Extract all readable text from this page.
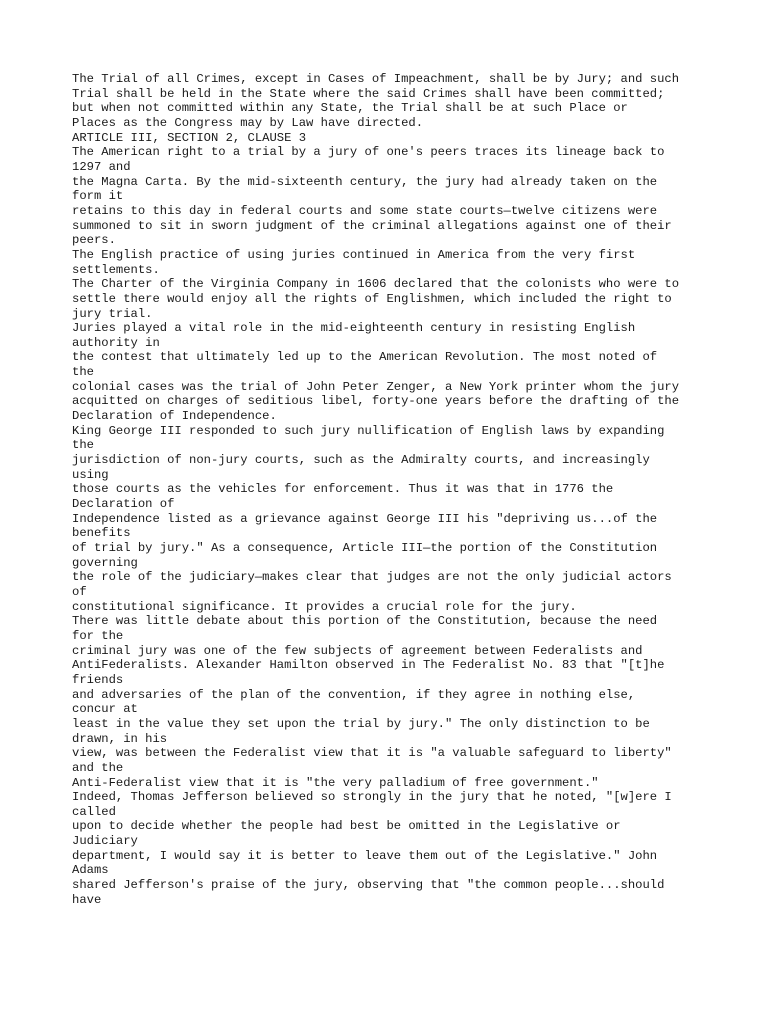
The Trial of all Crimes, except in Cases of Impeachment, shall be by Jury; and such
Trial shall be held in the State where the said Crimes shall have been committed;
but when not committed within any State, the Trial shall be at such Place or
Places as the Congress may by Law have directed.
ARTICLE III, SECTION 2, CLAUSE 3
The American right to a trial by a jury of one's peers traces its lineage back to
1297 and
the Magna Carta. By the mid-sixteenth century, the jury had already taken on the
form it
retains to this day in federal courts and some state courts—twelve citizens were
summoned to sit in sworn judgment of the criminal allegations against one of their
peers.
The English practice of using juries continued in America from the very first
settlements.
The Charter of the Virginia Company in 1606 declared that the colonists who were to
settle there would enjoy all the rights of Englishmen, which included the right to
jury trial.
Juries played a vital role in the mid-eighteenth century in resisting English
authority in
the contest that ultimately led up to the American Revolution. The most noted of
the
colonial cases was the trial of John Peter Zenger, a New York printer whom the jury
acquitted on charges of seditious libel, forty-one years before the drafting of the
Declaration of Independence.
King George III responded to such jury nullification of English laws by expanding
the
jurisdiction of non-jury courts, such as the Admiralty courts, and increasingly
using
those courts as the vehicles for enforcement. Thus it was that in 1776 the
Declaration of
Independence listed as a grievance against George III his "depriving us...of the
benefits
of trial by jury." As a consequence, Article III—the portion of the Constitution
governing
the role of the judiciary—makes clear that judges are not the only judicial actors
of
constitutional significance. It provides a crucial role for the jury.
There was little debate about this portion of the Constitution, because the need
for the
criminal jury was one of the few subjects of agreement between Federalists and
AntiFederalists. Alexander Hamilton observed in The Federalist No. 83 that "[t]he
friends
and adversaries of the plan of the convention, if they agree in nothing else,
concur at
least in the value they set upon the trial by jury." The only distinction to be
drawn, in his
view, was between the Federalist view that it is "a valuable safeguard to liberty"
and the
Anti-Federalist view that it is "the very palladium of free government."
Indeed, Thomas Jefferson believed so strongly in the jury that he noted, "[w]ere I
called
upon to decide whether the people had best be omitted in the Legislative or
Judiciary
department, I would say it is better to leave them out of the Legislative." John
Adams
shared Jefferson's praise of the jury, observing that "the common people...should
have
